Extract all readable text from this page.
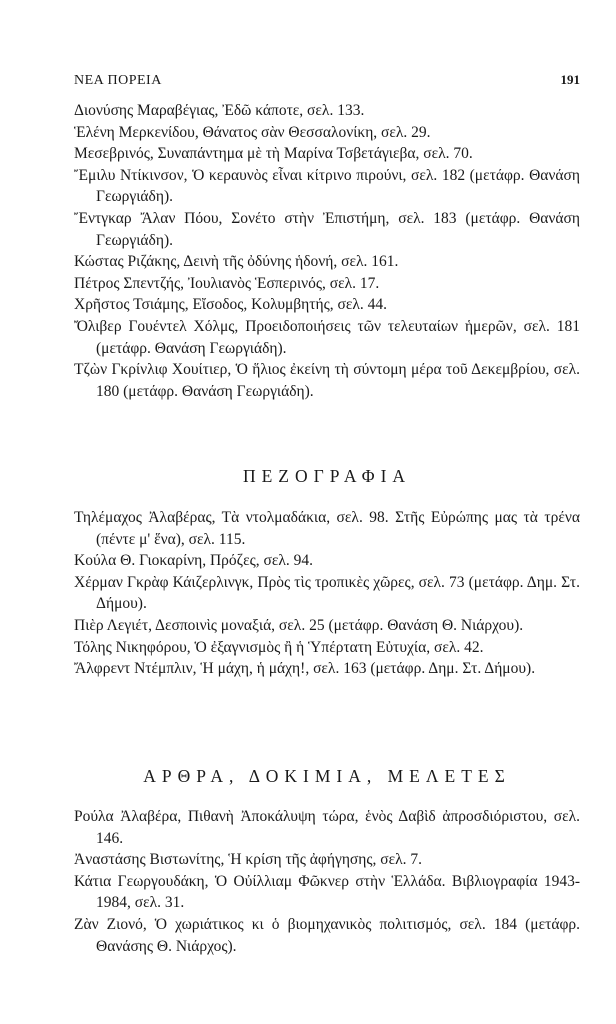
ΝΕΑ ΠΟΡΕΙΑ	191

Διονύσης Μαραβέγιας, Ἐδῶ κάποτε, σελ. 133.

Ἑλένη Μερκενίδου, Θάνατος σὰν Θεσσαλονίκη, σελ. 29.

Μεσεβρινός, Συναπάντημα μὲ τὴ Μαρίνα Τσβετάγιεβα, σελ. 70.

Ἔμιλυ Ντίκινσον, Ὁ κεραυνὸς εἶναι κίτρινο πιρούνι, σελ. 182 (μετάφρ. Θανάση Γεωργιάδη).

Ἔντγκαρ Ἄλαν Πόου, Σονέτο στὴν Ἐπιστήμη, σελ. 183 (μετάφρ. Θανάση Γεωργιάδη).

Κώστας Ριζάκης, Δεινὴ τῆς ὀδύνης ἡδονή, σελ. 161.

Πέτρος Σπεντζής, Ἰουλιανὸς Ἑσπερινός, σελ. 17.

Χρῆστος Τσιάμης, Εἴσοδος, Κολυμβητής, σελ. 44.

Ὄλιβερ Γουέντελ Χόλμς, Προειδοποιήσεις τῶν τελευταίων ἡμερῶν, σελ. 181 (μετάφρ. Θανάση Γεωργιάδη).

Τζὼν Γκρίνλιφ Χουίτιερ, Ὁ ἥλιος ἐκείνη τὴ σύντομη μέρα τοῦ Δεκεμβρίου, σελ. 180 (μετάφρ. Θανάση Γεωργιάδη).

ΠΕΖΟΓΡΑΦΙΑ

Τηλέμαχος Ἀλαβέρας, Τὰ ντολμαδάκια, σελ. 98. Στῆς Εὐρώπης μας τὰ τρένα (πέντε μ' ἕνα), σελ. 115.

Κούλα Θ. Γιοκαρίνη, Πρόζες, σελ. 94.

Χέρμαν Γκρὰφ Κάιζερλινγκ, Πρὸς τὶς τροπικὲς χῶρες, σελ. 73 (μετάφρ. Δημ. Στ. Δήμου).

Πιὲρ Λεγιέτ, Δεσποινὶς μοναξιά, σελ. 25 (μετάφρ. Θανάση Θ. Νιάρχου).

Τόλης Νικηφόρου, Ὁ ἐξαγνισμὸς ἢ ἡ Ὑπέρτατη Εὐτυχία, σελ. 42.

Ἄλφρεντ Ντέμπλιν, Ἡ μάχη, ἡ μάχη!, σελ. 163 (μετάφρ. Δημ. Στ. Δήμου).

ΑΡΘΡΑ, ΔΟΚΙΜΙΑ, ΜΕΛΕΤΕΣ

Ρούλα Ἀλαβέρα, Πιθανὴ Ἀποκάλυψη τώρα, ἑνὸς Δαβὶδ ἀπροσδιόριστου, σελ. 146.

Ἀναστάσης Βιστωνίτης, Ἡ κρίση τῆς ἀφήγησης, σελ. 7.

Κάτια Γεωργουδάκη, Ὁ Οὐίλλιαμ Φῶκνερ στὴν Ἑλλάδα. Βιβλιογραφία 1943-1984, σελ. 31.

Ζὰν Ζιονό, Ὁ χωριάτικος κι ὁ βιομηχανικὸς πολιτισμός, σελ. 184 (μετάφρ. Θανάσης Θ. Νιάρχος).
